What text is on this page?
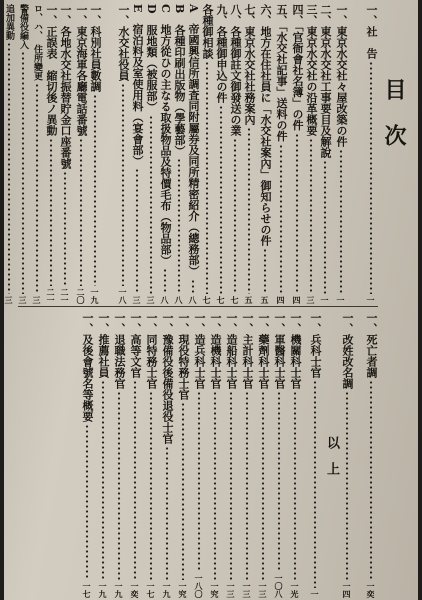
目次
一、社　告
一
一、東京水交社々屋改築の件
一
二、東京水交社工事要目及解說
一
三、東京水交社の沿革概要
三
四、「官衙會社名簿」の件
四
五、「水交社記事」送料の件
四
六、地方在住社員に「水交社案內」御知らせの件
五
七、東京水交社社務案內
五
八、各種御註文御發送の業
七
九、各種御申込の件
七
各種御相談
七
A　帝國興信所調査同附屬券及同所精密紹介（總務部）
八
B　各種印刷出版物（學藝部）
八
C　地方從ひの主なる取扱物品及特價毛布（物品部）
八
D　服地類（被服部）
三
E　宿泊料及室使用料（宴會部）
三
一、水交社役員
一八
一、科別社員數調
一九
一、東京海軍各廳電話番號
二〇
一、各地水交社振替貯金口座番號
二一
一、正誤表　縮切後ノ異動
二一
ロ、ハ、　住所變更
三
警備役編入
三
追加異動
三
一、死亡者調
一奕
一、改姓改名調
一四
以　上
一、兵科士官
一
一、機關科士官
一光
一、軍醫科士官
一〇八
一、藥劑科士官
一三
一、主計科士官
一三
一、造船科士官
一三
一、造機科士官
一究
一、造兵科士官
一八〇
一、現役特務士官
一究
一、豫備役後備役退役士官
一九
一、同特務士官
一七
一、高等文官
一奕
一、退職法務官
一九
一、推薦社員
一九
一、及後會號名等概要
一七
